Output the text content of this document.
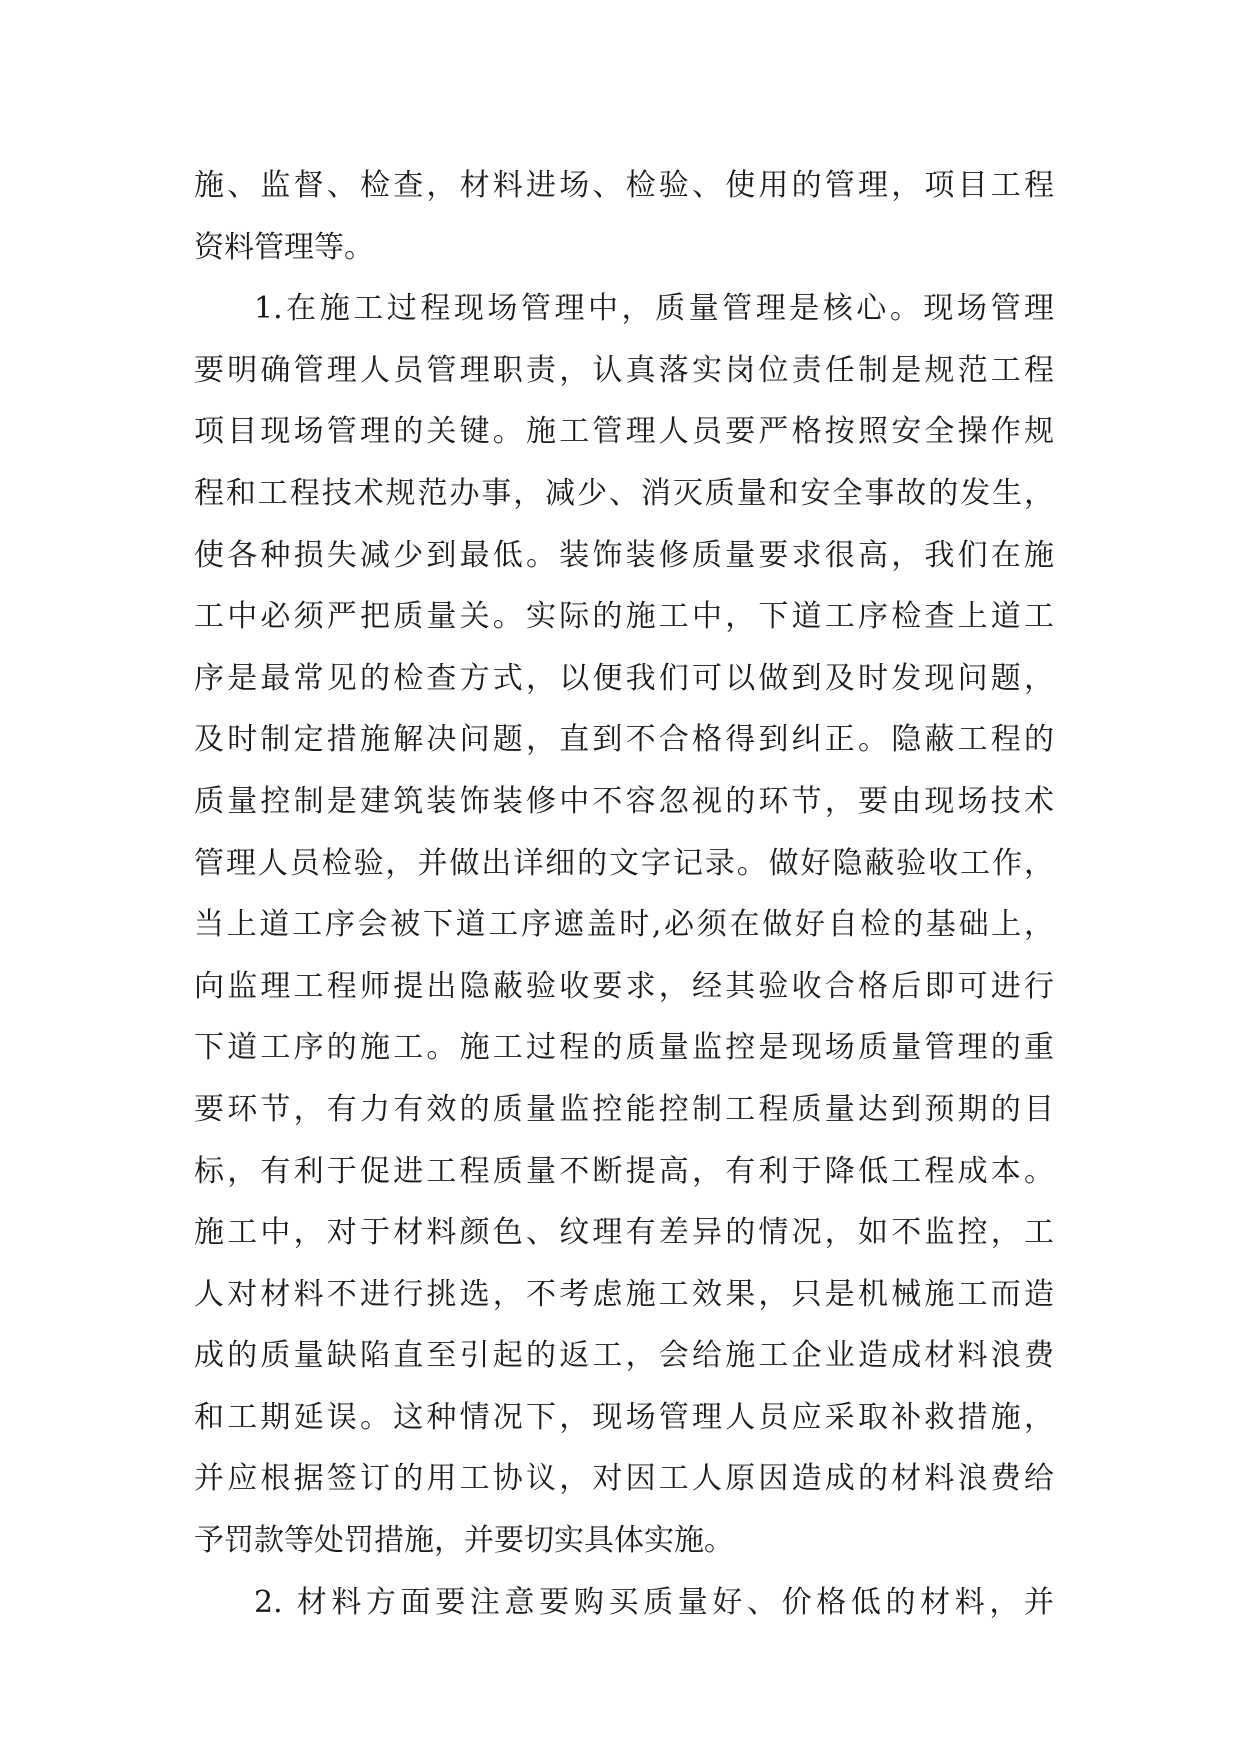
施、监督、检查，材料进场、检验、使用的管理，项目工程
资料管理等。
1.在施工过程现场管理中，质量管理是核心。现场管理
要明确管理人员管理职责，认真落实岗位责任制是规范工程
项目现场管理的关键。施工管理人员要严格按照安全操作规
程和工程技术规范办事，减少、消灭质量和安全事故的发生，
使各种损失减少到最低。装饰装修质量要求很高，我们在施
工中必须严把质量关。实际的施工中，下道工序检查上道工
序是最常见的检查方式，以便我们可以做到及时发现问题，
及时制定措施解决问题，直到不合格得到纠正。隐蔽工程的
质量控制是建筑装饰装修中不容忽视的环节，要由现场技术
管理人员检验，并做出详细的文字记录。做好隐蔽验收工作，
当上道工序会被下道工序遮盖时,必须在做好自检的基础上，
向监理工程师提出隐蔽验收要求，经其验收合格后即可进行
下道工序的施工。施工过程的质量监控是现场质量管理的重
要环节，有力有效的质量监控能控制工程质量达到预期的目
标，有利于促进工程质量不断提高，有利于降低工程成本。
施工中，对于材料颜色、纹理有差异的情况，如不监控，工
人对材料不进行挑选，不考虑施工效果，只是机械施工而造
成的质量缺陷直至引起的返工，会给施工企业造成材料浪费
和工期延误。这种情况下，现场管理人员应采取补救措施，
并应根据签订的用工协议，对因工人原因造成的材料浪费给
予罚款等处罚措施，并要切实具体实施。
2. 材料方面要注意要购买质量好、价格低的材料，并
